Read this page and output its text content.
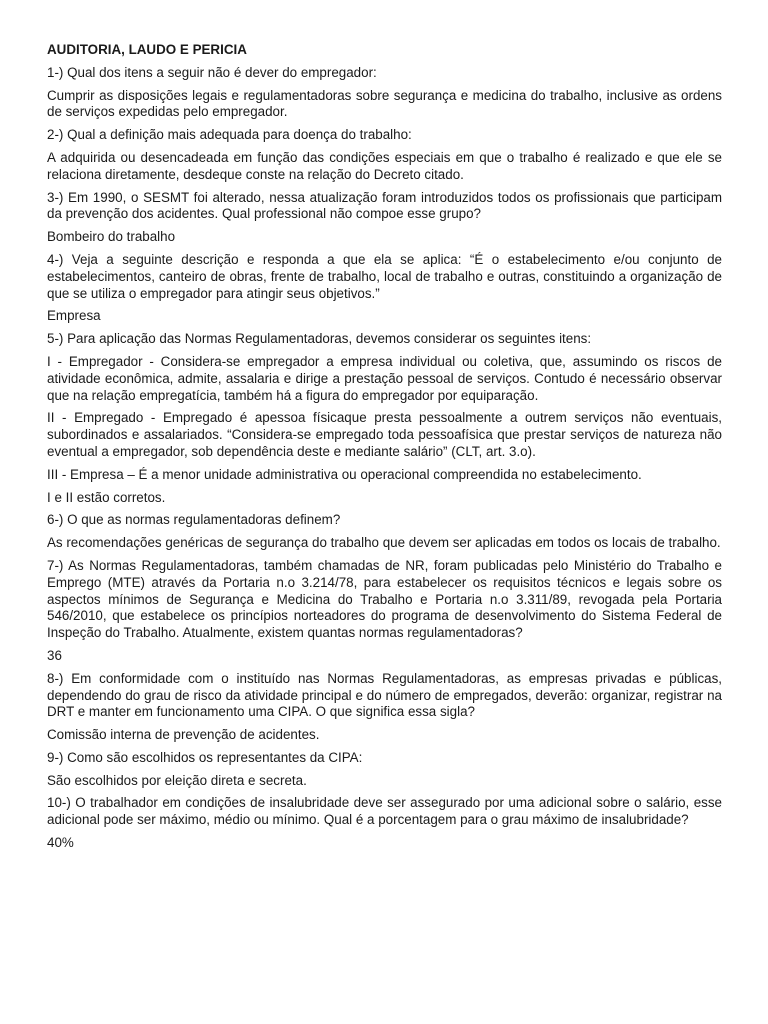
AUDITORIA, LAUDO E PERICIA

1-) Qual dos itens a seguir não é dever do empregador:

Cumprir as disposições legais e regulamentadoras sobre segurança e medicina do trabalho, inclusive as ordens de serviços expedidas pelo empregador.

2-) Qual a definição mais adequada para doença do trabalho:

A adquirida ou desencadeada em função das condições especiais em que o trabalho é realizado e que ele se relaciona diretamente, desdeque conste na relação do Decreto citado.

3-) Em 1990, o SESMT foi alterado, nessa atualização foram introduzidos todos os profissionais que participam da prevenção dos acidentes. Qual professional não compoe esse grupo?

Bombeiro do trabalho

4-) Veja a seguinte descrição e responda a que ela se aplica: “É o estabelecimento e/ou conjunto de estabelecimentos, canteiro de obras, frente de trabalho, local de trabalho e outras, constituindo a organização de que se utiliza o empregador para atingir seus objetivos.”

Empresa

5-) Para aplicação das Normas Regulamentadoras, devemos considerar os seguintes itens:

I - Empregador - Considera-se empregador a empresa individual ou coletiva, que, assumindo os riscos de atividade econômica, admite, assalaria e dirige a prestação pessoal de serviços. Contudo é necessário observar que na relação empregatícia, também há a figura do empregador por equiparação.

II - Empregado - Empregado é apessoa físicaque presta pessoalmente a outrem serviços não eventuais, subordinados e assalariados. “Considera-se empregado toda pessoafísica que prestar serviços de natureza não eventual a empregador, sob dependência deste e mediante salário” (CLT, art. 3.o).

III - Empresa – É a menor unidade administrativa ou operacional compreendida no estabelecimento.

I e II estão corretos.

6-) O que as normas regulamentadoras definem?

As recomendações genéricas de segurança do trabalho que devem ser aplicadas em todos os locais de trabalho.

7-) As Normas Regulamentadoras, também chamadas de NR, foram publicadas pelo Ministério do Trabalho e Emprego (MTE) através da Portaria n.o 3.214/78, para estabelecer os requisitos técnicos e legais sobre os aspectos mínimos de Segurança e Medicina do Trabalho e Portaria n.o 3.311/89, revogada pela Portaria 546/2010, que estabelece os princípios norteadores do programa de desenvolvimento do Sistema Federal de Inspeção do Trabalho. Atualmente, existem quantas normas regulamentadoras?

36

8-) Em conformidade com o instituído nas Normas Regulamentadoras, as empresas privadas e públicas, dependendo do grau de risco da atividade principal e do número de empregados, deverão: organizar, registrar na DRT e manter em funcionamento uma CIPA. O que significa essa sigla?

Comissão interna de prevenção de acidentes.

9-) Como são escolhidos os representantes da CIPA:

São escolhidos por eleição direta e secreta.

10-) O trabalhador em condições de insalubridade deve ser assegurado por uma adicional sobre o salário, esse adicional pode ser máximo, médio ou mínimo. Qual é a porcentagem para o grau máximo de insalubridade?

40%
